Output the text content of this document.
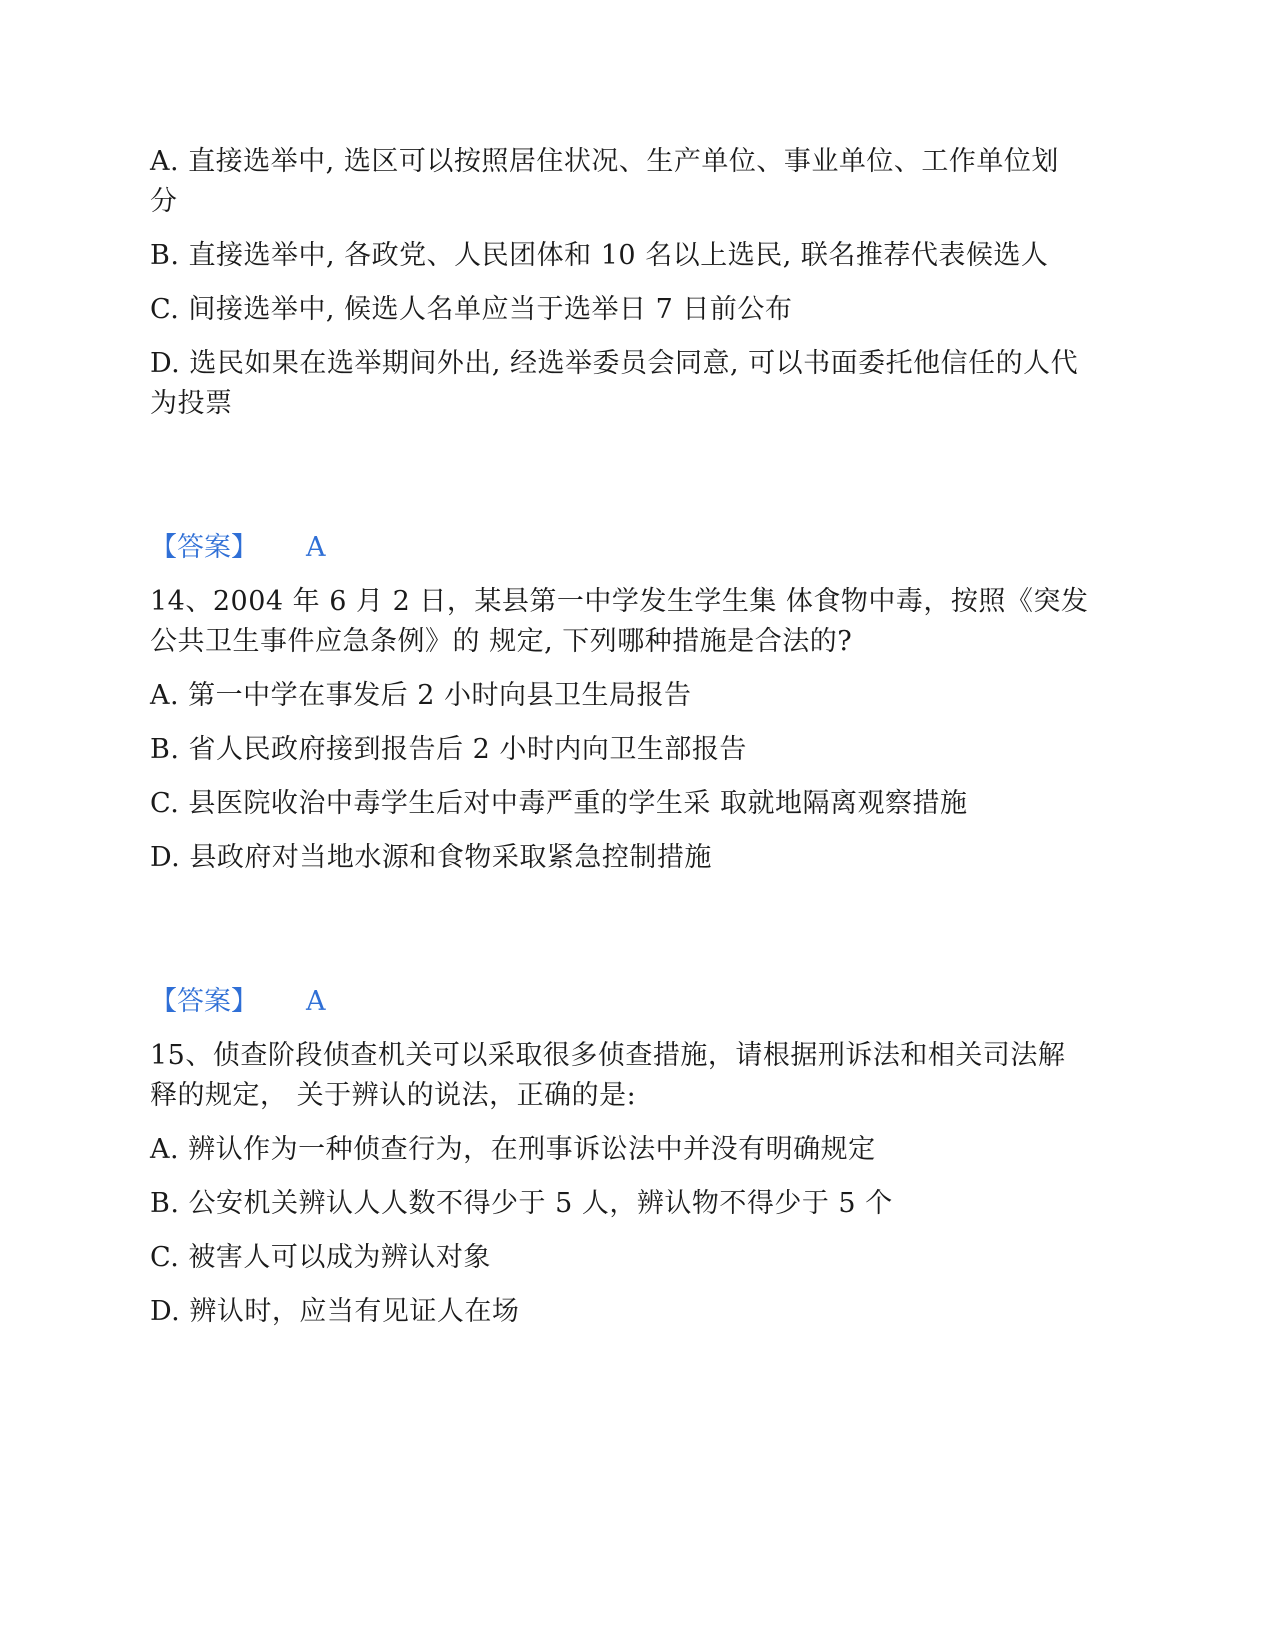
A. 直接选举中, 选区可以按照居住状况、生产单位、事业单位、工作单位划
分
B. 直接选举中, 各政党、人民团体和 10 名以上选民, 联名推荐代表候选人
C. 间接选举中, 候选人名单应当于选举日 7 日前公布
D. 选民如果在选举期间外出, 经选举委员会同意, 可以书面委托他信任的人代
为投票
【答案】 A
14、2004 年 6 月 2 日，某县第一中学发生学生集 体食物中毒，按照《突发
公共卫生事件应急条例》的 规定, 下列哪种措施是合法的?
A. 第一中学在事发后 2 小时向县卫生局报告
B. 省人民政府接到报告后 2 小时内向卫生部报告
C. 县医院收治中毒学生后对中毒严重的学生采 取就地隔离观察措施
D. 县政府对当地水源和食物采取紧急控制措施
【答案】 A
15、侦查阶段侦查机关可以采取很多侦查措施，请根据刑诉法和相关司法解
释的规定， 关于辨认的说法，正确的是:
A. 辨认作为一种侦查行为，在刑事诉讼法中并没有明确规定
B. 公安机关辨认人人数不得少于 5 人，辨认物不得少于 5 个
C. 被害人可以成为辨认对象
D. 辨认时，应当有见证人在场
